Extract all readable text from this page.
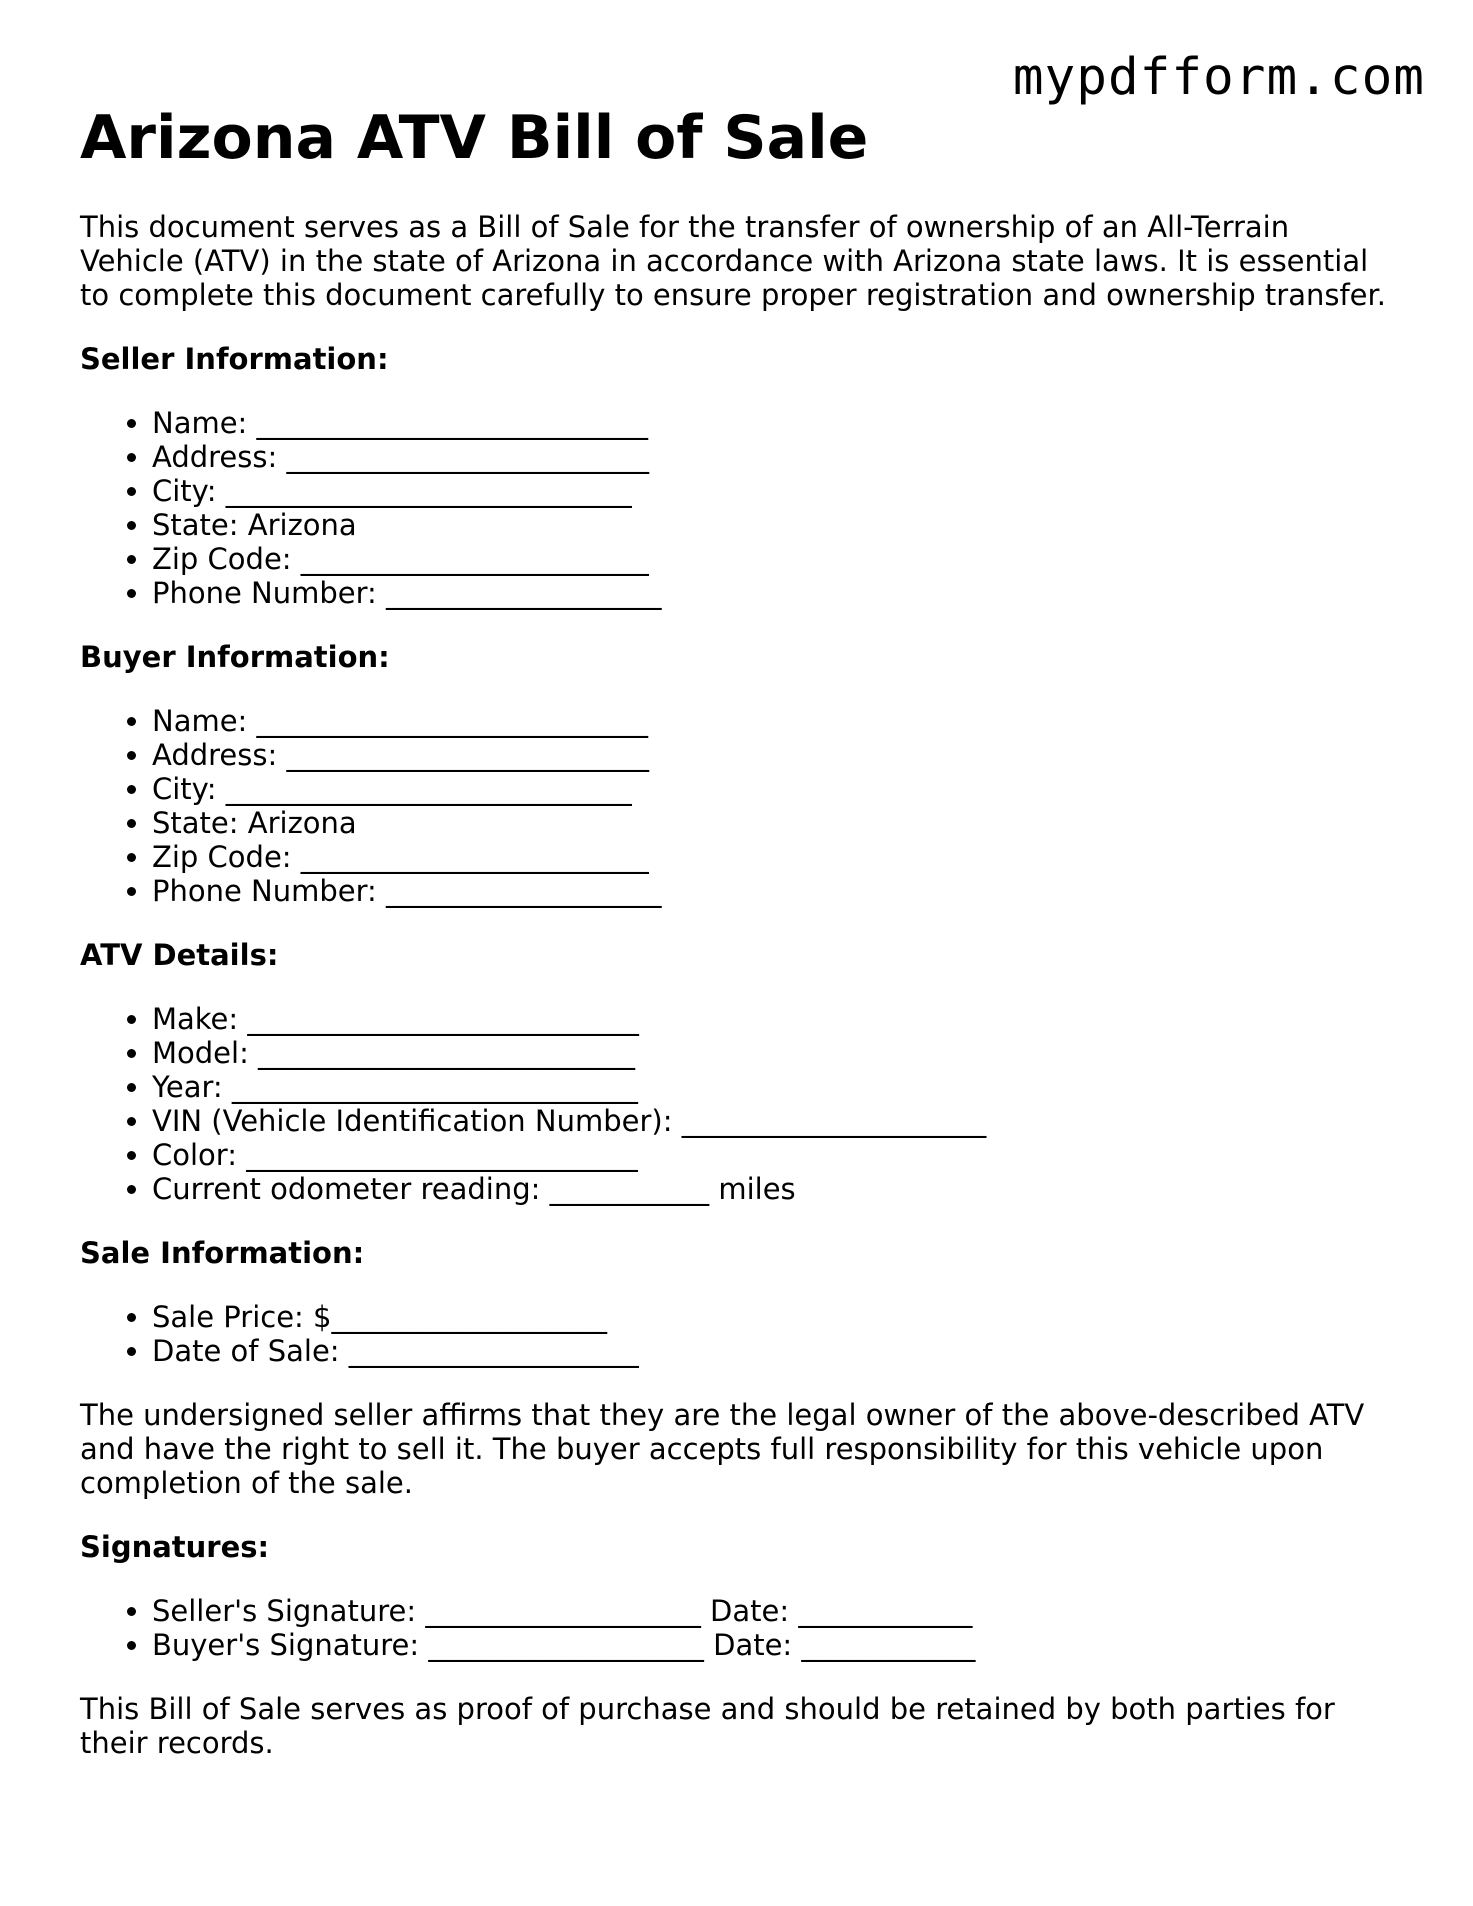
mypdfform.com
Arizona ATV Bill of Sale

This document serves as a Bill of Sale for the transfer of ownership of an All-Terrain Vehicle (ATV) in the state of Arizona in accordance with Arizona state laws. It is essential to complete this document carefully to ensure proper registration and ownership transfer.

Seller Information:
• Name: ___________________________
• Address: _________________________
• City: ____________________________
• State: Arizona
• Zip Code: ________________________
• Phone Number: ___________________
Buyer Information:
• Name: ___________________________
• Address: _________________________
• City: ____________________________
• State: Arizona
• Zip Code: ________________________
• Phone Number: ___________________
ATV Details:
• Make: ___________________________
• Model: __________________________
• Year: ____________________________
• VIN (Vehicle Identification Number): _____________________
• Color: ___________________________
• Current odometer reading: ___________ miles
Sale Information:
• Sale Price: $___________________
• Date of Sale: ____________________

The undersigned seller affirms that they are the legal owner of the above-described ATV and have the right to sell it. The buyer accepts full responsibility for this vehicle upon completion of the sale.

Signatures:
• Seller's Signature: ___________________ Date: ____________
• Buyer's Signature: ___________________ Date: ____________

This Bill of Sale serves as proof of purchase and should be retained by both parties for their records.
